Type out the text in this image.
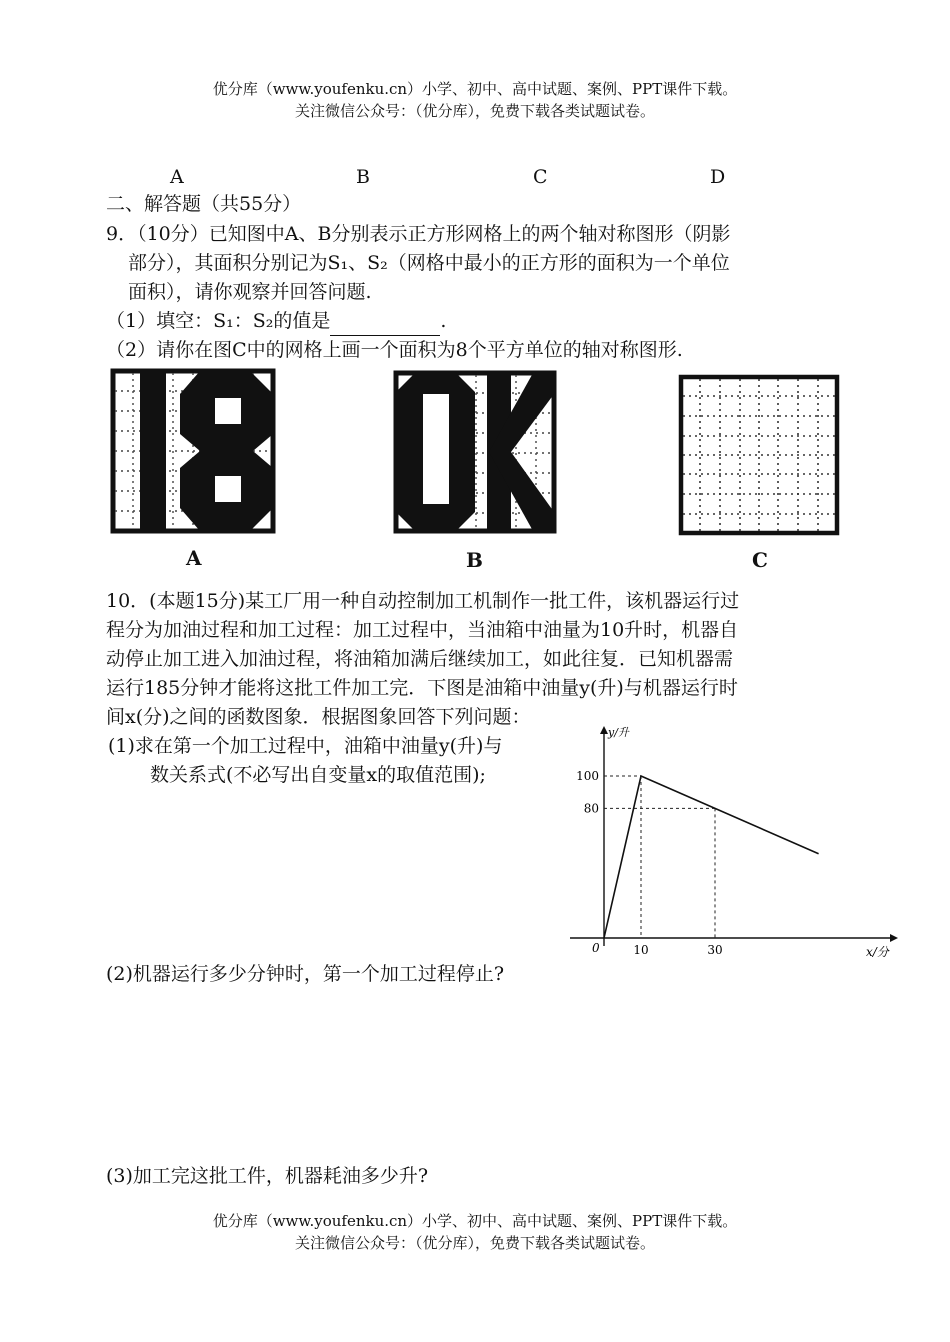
优分库（www.youfenku.cn）小学、初中、高中试题、案例、PPT课件下载。
关注微信公众号：（优分库），免费下载各类试题试卷。
A	B	C	D
二、解答题（共55分）
9．（10分）已知图中A、B分别表示正方形网格上的两个轴对称图形（阴影
部分），其面积分别记为S₁、S₂（网格中最小的正方形的面积为一个单位
面积），请你观察并回答问题.
（1）填空：S₁：S₂的值是	.
（2）请你在图C中的网格上画一个面积为8个平方单位的轴对称图形.
A	B	C
10．(本题15分)某工厂用一种自动控制加工机制作一批工件，该机器运行过
程分为加油过程和加工过程：加工过程中，当油箱中油量为10升时，机器自
动停止加工进入加油过程，将油箱加满后继续加工，如此往复．已知机器需
运行185分钟才能将这批工件加工完．下图是油箱中油量y(升)与机器运行时
间x(分)之间的函数图象．根据图象回答下列问题：
(1)求在第一个加工过程中，油箱中油量y(升)与
数关系式(不必写出自变量x的取值范围);
10	30
80
100
0	x/分
y/升
(2)机器运行多少分钟时，第一个加工过程停止?
(3)加工完这批工件，机器耗油多少升?
优分库（www.youfenku.cn）小学、初中、高中试题、案例、PPT课件下载。
关注微信公众号：（优分库），免费下载各类试题试卷。
